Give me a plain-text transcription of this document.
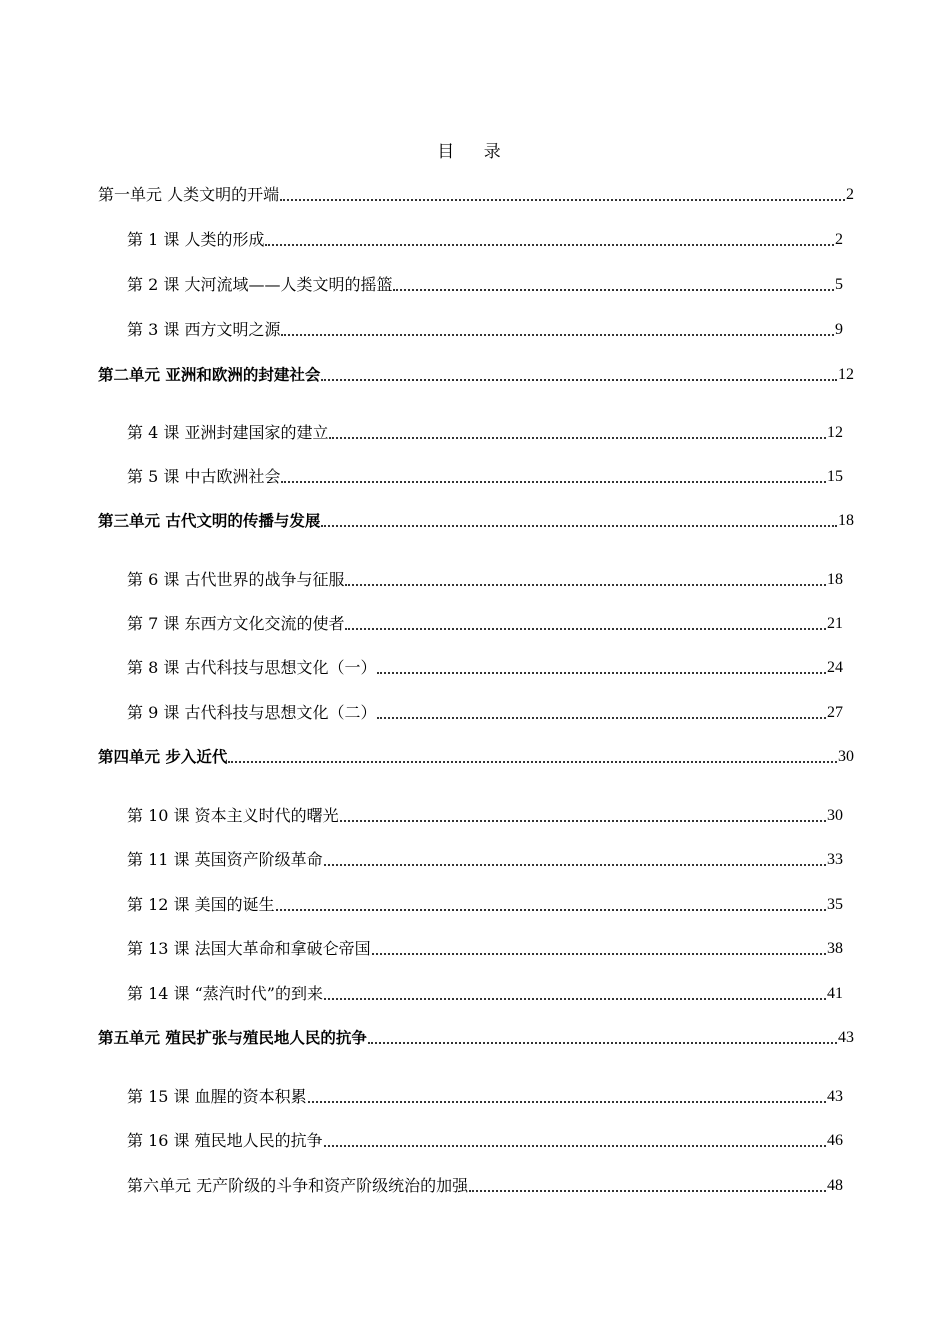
目 录
第一单元 人类文明的开端	2
第 1 课 人类的形成	2
第 2 课 大河流域——人类文明的摇篮	5
第 3 课 西方文明之源	9
第二单元 亚洲和欧洲的封建社会	12
第 4 课 亚洲封建国家的建立	12
第 5 课 中古欧洲社会	15
第三单元 古代文明的传播与发展	18
第 6 课 古代世界的战争与征服	18
第 7 课 东西方文化交流的使者	21
第 8 课 古代科技与思想文化（一）	24
第 9 课 古代科技与思想文化（二）	27
第四单元 步入近代	30
第 10 课 资本主义时代的曙光	30
第 11 课 英国资产阶级革命	33
第 12 课 美国的诞生	35
第 13 课 法国大革命和拿破仑帝国	38
第 14 课 “蒸汽时代”的到来	41
第五单元 殖民扩张与殖民地人民的抗争	43
第 15 课 血腥的资本积累	43
第 16 课 殖民地人民的抗争	46
第六单元 无产阶级的斗争和资产阶级统治的加强	48
